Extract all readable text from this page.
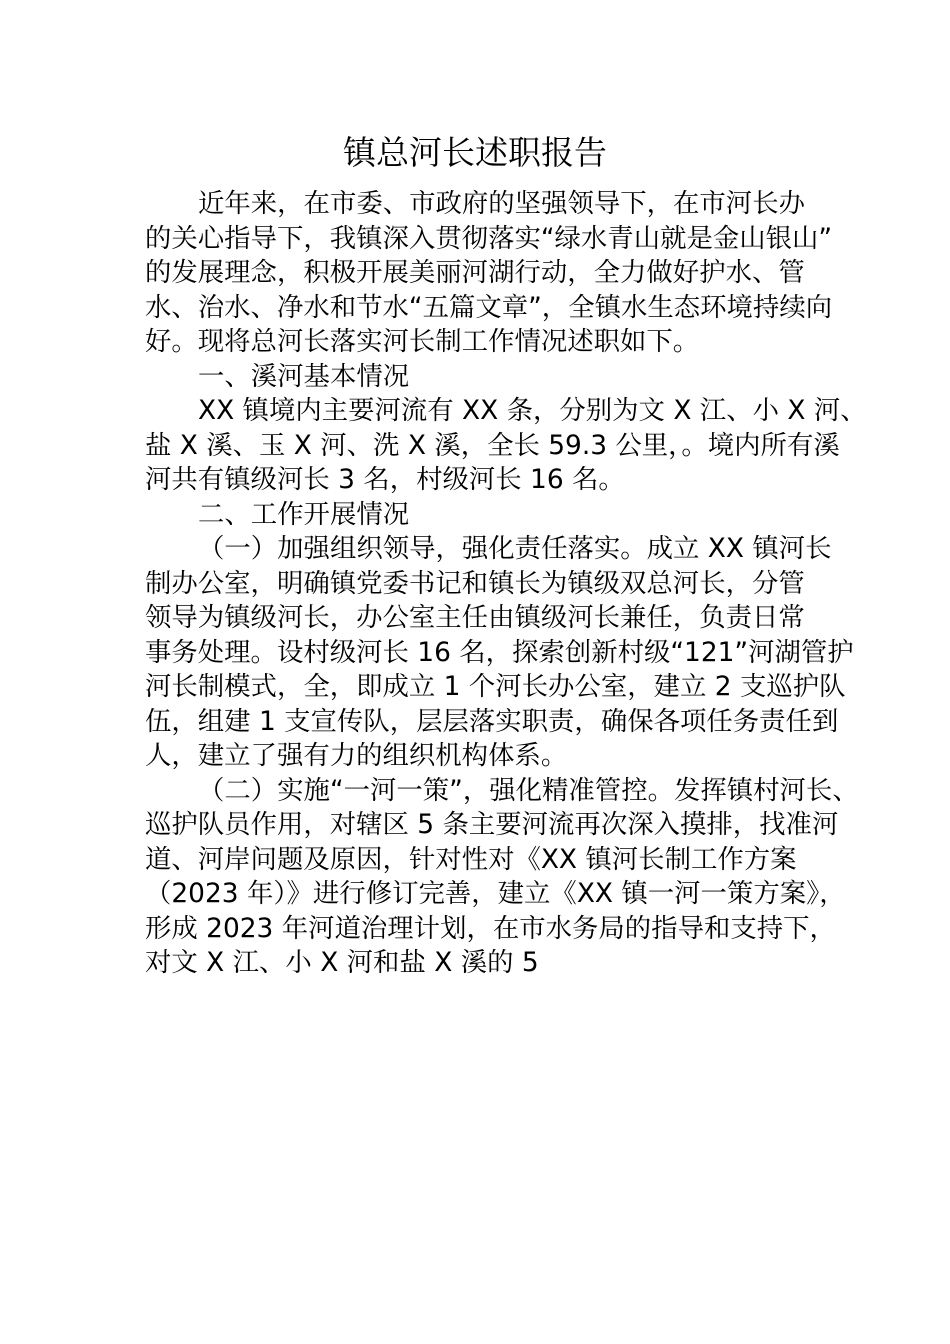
镇总河长述职报告
近年来，在市委、市政府的坚强领导下，在市河长办
的关心指导下，我镇深入贯彻落实“绿水青山就是金山银山”
的发展理念，积极开展美丽河湖行动，全力做好护水、管
水、治水、净水和节水“五篇文章”，全镇水生态环境持续向
好。现将总河长落实河长制工作情况述职如下。
一、溪河基本情况
XX 镇境内主要河流有 XX 条，分别为文 X 江、小 X 河、
盐 X 溪、玉 X 河、洗 X 溪，全长 59.3 公里，。境内所有溪
河共有镇级河长 3 名，村级河长 16 名。
二、工作开展情况
（一）加强组织领导，强化责任落实。成立 XX 镇河长
制办公室，明确镇党委书记和镇长为镇级双总河长，分管
领导为镇级河长，办公室主任由镇级河长兼任，负责日常
事务处理。设村级河长 16 名，探索创新村级“121”河湖管护
河长制模式，全，即成立 1 个河长办公室，建立 2 支巡护队
伍，组建 1 支宣传队，层层落实职责，确保各项任务责任到
人，建立了强有力的组织机构体系。
（二）实施“一河一策”，强化精准管控。发挥镇村河长、
巡护队员作用，对辖区 5 条主要河流再次深入摸排，找准河
道、河岸问题及原因，针对性对《XX 镇河长制工作方案
（2023 年）》进行修订完善，建立《XX 镇一河一策方案》，
形成 2023 年河道治理计划，在市水务局的指导和支持下，
对文 X 江、小 X 河和盐 X 溪的 5
